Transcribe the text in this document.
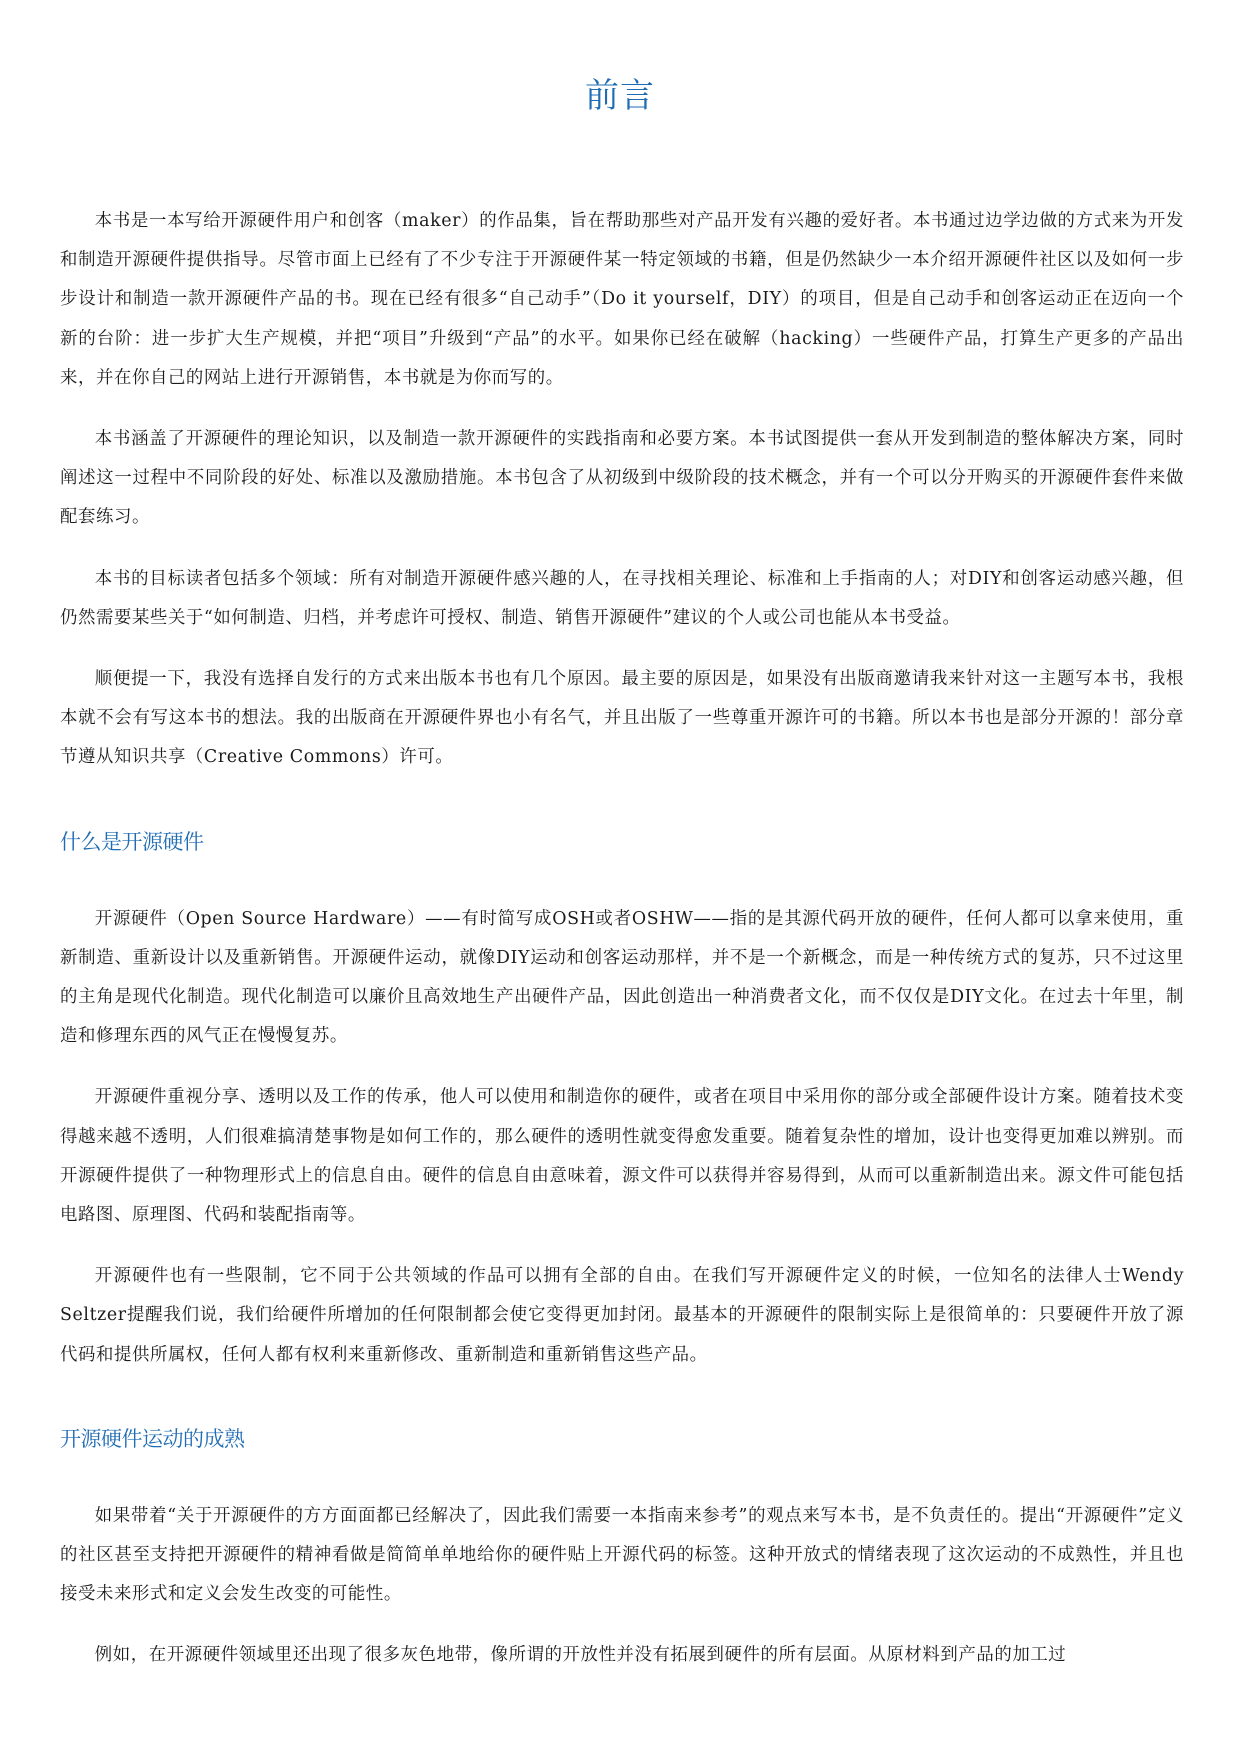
前言

本书是一本写给开源硬件用户和创客（maker）的作品集，旨在帮助那些对产品开发有兴趣的爱好者。本书通过边学边做的方式来为开发和制造开源硬件提供指导。尽管市面上已经有了不少专注于开源硬件某一特定领域的书籍，但是仍然缺少一本介绍开源硬件社区以及如何一步步设计和制造一款开源硬件产品的书。现在已经有很多“自己动手”（Do it yourself，DIY）的项目，但是自己动手和创客运动正在迈向一个新的台阶：进一步扩大生产规模，并把“项目”升级到“产品”的水平。如果你已经在破解（hacking）一些硬件产品，打算生产更多的产品出来，并在你自己的网站上进行开源销售，本书就是为你而写的。

本书涵盖了开源硬件的理论知识，以及制造一款开源硬件的实践指南和必要方案。本书试图提供一套从开发到制造的整体解决方案，同时阐述这一过程中不同阶段的好处、标准以及激励措施。本书包含了从初级到中级阶段的技术概念，并有一个可以分开购买的开源硬件套件来做配套练习。

本书的目标读者包括多个领域：所有对制造开源硬件感兴趣的人，在寻找相关理论、标准和上手指南的人；对DIY和创客运动感兴趣，但仍然需要某些关于“如何制造、归档，并考虑许可授权、制造、销售开源硬件”建议的个人或公司也能从本书受益。

顺便提一下，我没有选择自发行的方式来出版本书也有几个原因。最主要的原因是，如果没有出版商邀请我来针对这一主题写本书，我根本就不会有写这本书的想法。我的出版商在开源硬件界也小有名气，并且出版了一些尊重开源许可的书籍。所以本书也是部分开源的！部分章节遵从知识共享（Creative Commons）许可。

什么是开源硬件

开源硬件（Open Source Hardware）——有时简写成OSH或者OSHW——指的是其源代码开放的硬件，任何人都可以拿来使用，重新制造、重新设计以及重新销售。开源硬件运动，就像DIY运动和创客运动那样，并不是一个新概念，而是一种传统方式的复苏，只不过这里的主角是现代化制造。现代化制造可以廉价且高效地生产出硬件产品，因此创造出一种消费者文化，而不仅仅是DIY文化。在过去十年里，制造和修理东西的风气正在慢慢复苏。

开源硬件重视分享、透明以及工作的传承，他人可以使用和制造你的硬件，或者在项目中采用你的部分或全部硬件设计方案。随着技术变得越来越不透明，人们很难搞清楚事物是如何工作的，那么硬件的透明性就变得愈发重要。随着复杂性的增加，设计也变得更加难以辨别。而开源硬件提供了一种物理形式上的信息自由。硬件的信息自由意味着，源文件可以获得并容易得到，从而可以重新制造出来。源文件可能包括电路图、原理图、代码和装配指南等。

开源硬件也有一些限制，它不同于公共领域的作品可以拥有全部的自由。在我们写开源硬件定义的时候，一位知名的法律人士Wendy Seltzer提醒我们说，我们给硬件所增加的任何限制都会使它变得更加封闭。最基本的开源硬件的限制实际上是很简单的：只要硬件开放了源代码和提供所属权，任何人都有权利来重新修改、重新制造和重新销售这些产品。

开源硬件运动的成熟

如果带着“关于开源硬件的方方面面都已经解决了，因此我们需要一本指南来参考”的观点来写本书，是不负责任的。提出“开源硬件”定义的社区甚至支持把开源硬件的精神看做是简简单单地给你的硬件贴上开源代码的标签。这种开放式的情绪表现了这次运动的不成熟性，并且也接受未来形式和定义会发生改变的可能性。

例如，在开源硬件领域里还出现了很多灰色地带，像所谓的开放性并没有拓展到硬件的所有层面。从原材料到产品的加工过
